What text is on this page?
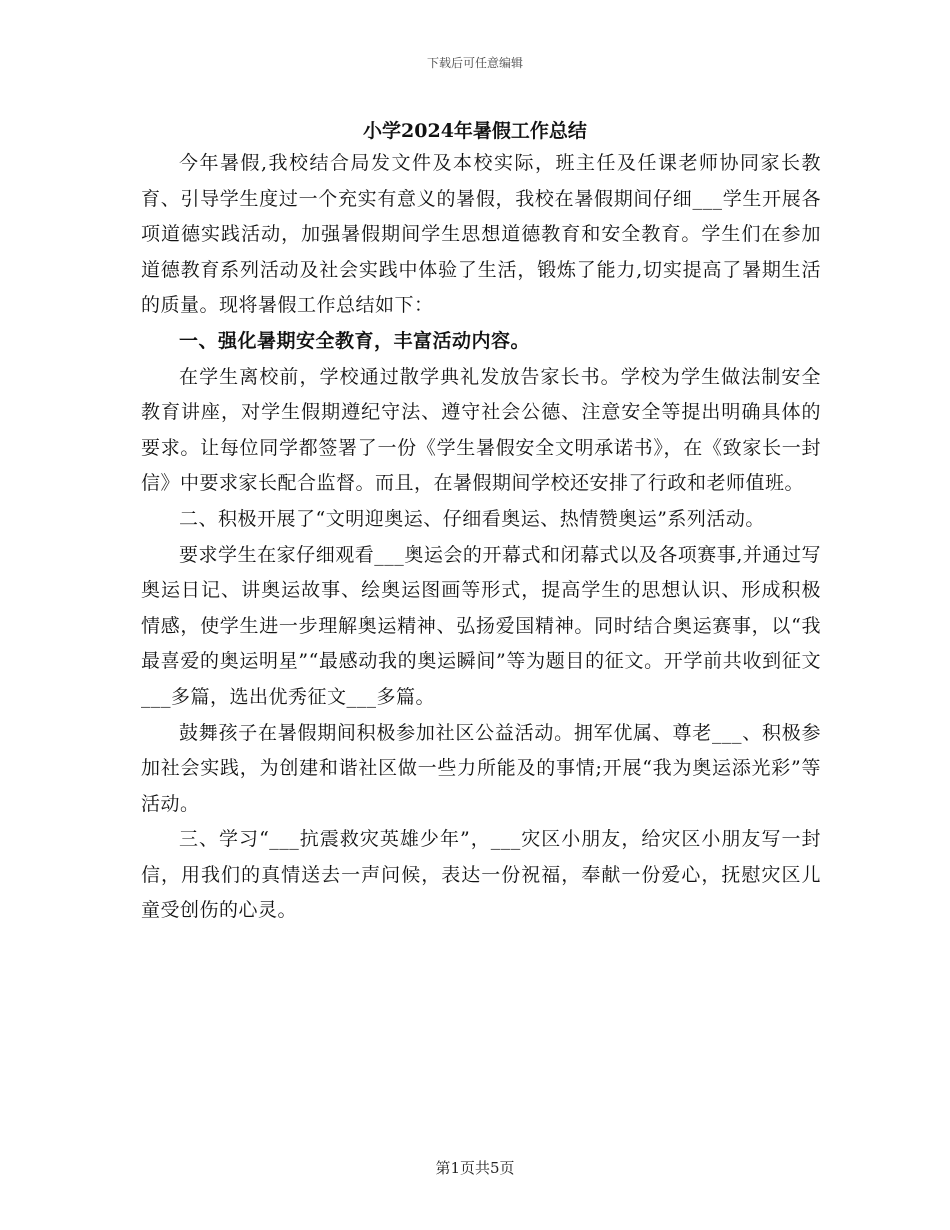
下载后可任意编辑
小学2024年暑假工作总结

今年暑假,我校结合局发文件及本校实际，班主任及任课老师协同家长教育、引导学生度过一个充实有意义的暑假，我校在暑假期间仔细___学生开展各项道德实践活动，加强暑假期间学生思想道德教育和安全教育。学生们在参加道德教育系列活动及社会实践中体验了生活，锻炼了能力,切实提高了暑期生活的质量。现将暑假工作总结如下：

一、强化暑期安全教育，丰富活动内容。

在学生离校前，学校通过散学典礼发放告家长书。学校为学生做法制安全教育讲座，对学生假期遵纪守法、遵守社会公德、注意安全等提出明确具体的要求。让每位同学都签署了一份《学生暑假安全文明承诺书》，在《致家长一封信》中要求家长配合监督。而且，在暑假期间学校还安排了行政和老师值班。

二、积极开展了“文明迎奥运、仔细看奥运、热情赞奥运”系列活动。

要求学生在家仔细观看___奥运会的开幕式和闭幕式以及各项赛事,并通过写奥运日记、讲奥运故事、绘奥运图画等形式，提高学生的思想认识、形成积极情感，使学生进一步理解奥运精神、弘扬爱国精神。同时结合奥运赛事，以“我最喜爱的奥运明星”“最感动我的奥运瞬间”等为题目的征文。开学前共收到征文___多篇，选出优秀征文___多篇。

鼓舞孩子在暑假期间积极参加社区公益活动。拥军优属、尊老___、积极参加社会实践，为创建和谐社区做一些力所能及的事情;开展“我为奥运添光彩”等活动。

三、学习“___抗震救灾英雄少年”，___灾区小朋友，给灾区小朋友写一封信，用我们的真情送去一声问候，表达一份祝福，奉献一份爱心，抚慰灾区儿童受创伤的心灵。

第1页共5页
